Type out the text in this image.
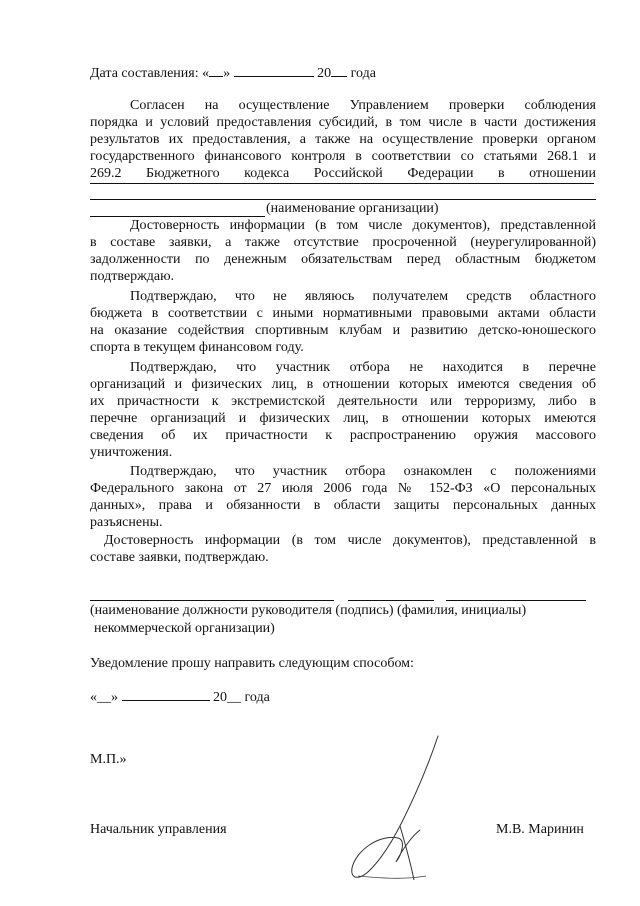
Дата составления: « »	20 года
Согласен на осуществление Управлением проверки соблюдения
порядка и условий предоставления субсидий, в том числе в части достижения
результатов их предоставления, а также на осуществление проверки органом
государственного финансового контроля в соответствии со статьями 268.1 и
269.2 Бюджетного кодекса Российской Федерации в отношении
(наименование организации)
Достоверность информации (в том числе документов), представленной
в составе заявки, а также отсутствие просроченной (неурегулированной)
задолженности по денежным обязательствам перед областным бюджетом
подтверждаю.
Подтверждаю, что не являюсь получателем средств областного
бюджета в соответствии с иными нормативными правовыми актами области
на оказание содействия спортивным клубам и развитию детско-юношеского
спорта в текущем финансовом году.
Подтверждаю, что участник отбора не находится в перечне
организаций и физических лиц, в отношении которых имеются сведения об
их причастности к экстремистской деятельности или терроризму, либо в
перечне организаций и физических лиц, в отношении которых имеются
сведения об их причастности к распространению оружия массового
уничтожения.
Подтверждаю, что участник отбора ознакомлен с положениями
Федерального закона от 27 июля 2006 года № 152-ФЗ «О персональных
данных», права и обязанности в области защиты персональных данных
разъяснены.
Достоверность информации (в том числе документов), представленной в
составе заявки, подтверждаю.
(наименование должности руководителя (подпись) (фамилия, инициалы)
некоммерческой организации)
Уведомление прошу направить следующим способом:
«__»	20__ года
М.П.»
Начальник управления	М.В. Маринин
